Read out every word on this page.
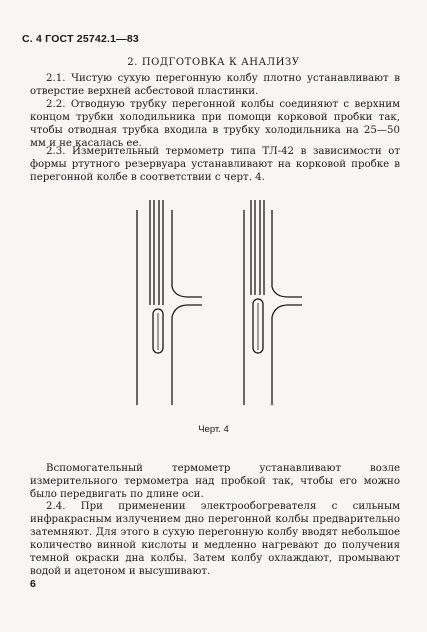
С. 4 ГОСТ 25742.1—83
2. ПОДГОТОВКА К АНАЛИЗУ
2.1. Чистую сухую перегонную колбу плотно устанавливают в отверстие верхней асбестовой пластинки.
2.2. Отводную трубку перегонной колбы соединяют с верхним концом трубки холодильника при помощи корковой пробки так, чтобы отводная трубка входила в трубку холодильника на 25—50 мм и не касалась ее.
2.3. Измерительный термометр типа ТЛ-42 в зависимости от формы ртутного резервуара устанавливают на корковой пробке в перегонной колбе в соответствии с черт. 4.
Черт. 4
Вспомогательный термометр устанавливают возле измерительного термометра над пробкой так, чтобы его можно было передвигать по длине оси.
2.4. При применении электрообогревателя с сильным инфракрасным излучением дно перегонной колбы предварительно затемняют. Для этого в сухую перегонную колбу вводят небольшое количество винной кислоты и медленно нагревают до получения темной окраски дна колбы. Затем колбу охлаждают, промывают водой и ацетоном и высушивают.
6
